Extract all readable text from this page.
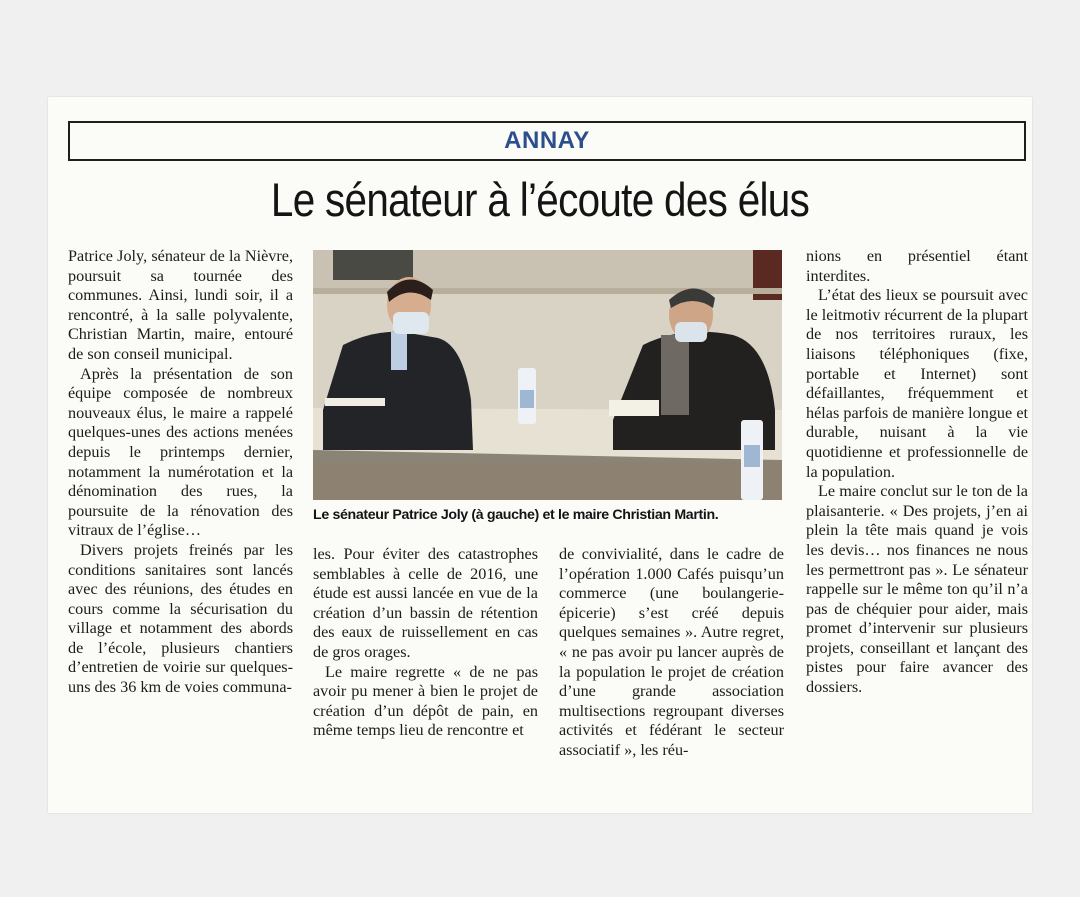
ANNAY
Le sénateur à l’écoute des élus

Patrice Joly, sénateur de la Nièvre, poursuit sa tournée des communes. Ainsi, lundi soir, il a rencontré, à la salle polyvalente, Christian Martin, maire, entouré de son conseil municipal.

Après la présentation de son équipe composée de nombreux nouveaux élus, le maire a rappelé quelques-unes des actions menées depuis le printemps dernier, notamment la numérotation et la dénomination des rues, la poursuite de la rénovation des vitraux de l’église…

Divers projets freinés par les conditions sanitaires sont lancés avec des réunions, des études en cours comme la sécurisation du village et notamment des abords de l’école, plusieurs chantiers d’entretien de voirie sur quelques-uns des 36 km de voies communa-

Le sénateur Patrice Joly (à gauche) et le maire Christian Martin.

les. Pour éviter des catastrophes semblables à celle de 2016, une étude est aussi lancée en vue de la création d’un bassin de rétention des eaux de ruissellement en cas de gros orages.

Le maire regrette « de ne pas avoir pu mener à bien le projet de création d’un dépôt de pain, en même temps lieu de rencontre et

de convivialité, dans le cadre de l’opération 1.000 Cafés puisqu’un commerce (une boulangerie-épicerie) s’est créé depuis quelques semaines ». Autre regret, « ne pas avoir pu lancer auprès de la population le projet de création d’une grande association multisections regroupant diverses activités et fédérant le secteur associatif », les réu-

nions en présentiel étant interdites.

L’état des lieux se poursuit avec le leitmotiv récurrent de la plupart de nos territoires ruraux, les liaisons téléphoniques (fixe, portable et Internet) sont défaillantes, fréquemment et hélas parfois de manière longue et durable, nuisant à la vie quotidienne et professionnelle de la population.

Le maire conclut sur le ton de la plaisanterie. « Des projets, j’en ai plein la tête mais quand je vois les devis… nos finances ne nous les permettront pas ». Le sénateur rappelle sur le même ton qu’il n’a pas de chéquier pour aider, mais promet d’intervenir sur plusieurs projets, conseillant et lançant des pistes pour faire avancer des dossiers.
